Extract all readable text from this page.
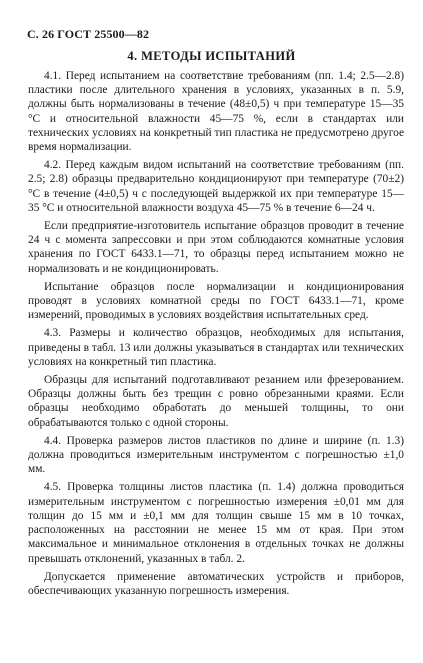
С. 26 ГОСТ 25500—82
4. МЕТОДЫ ИСПЫТАНИЙ

4.1. Перед испытанием на соответствие требованиям (пп. 1.4; 2.5—2.8) пластики после длительного хранения в условиях, указанных в п. 5.9, должны быть нормализованы в течение (48±0,5) ч при температуре 15—35 °С и относительной влажности 45—75 %, если в стандартах или технических условиях на конкретный тип пластика не предусмотрено другое время нормализации.

4.2. Перед каждым видом испытаний на соответствие требованиям (пп. 2.5; 2.8) образцы предварительно кондиционируют при температуре (70±2) °С в течение (4±0,5) ч с последующей выдержкой их при температуре 15—35 °С и относительной влажности воздуха 45—75 % в течение 6—24 ч.

Если предприятие-изготовитель испытание образцов проводит в течение 24 ч с момента запрессовки и при этом соблюдаются комнатные условия хранения по ГОСТ 6433.1—71, то образцы перед испытанием можно не нормализовать и не кондиционировать.

Испытание образцов после нормализации и кондиционирования проводят в условиях комнатной среды по ГОСТ 6433.1—71, кроме измерений, проводимых в условиях воздействия испытательных сред.

4.3. Размеры и количество образцов, необходимых для испытания, приведены в табл. 13 или должны указываться в стандартах или технических условиях на конкретный тип пластика.

Образцы для испытаний подготавливают резанием или фрезерованием. Образцы должны быть без трещин с ровно обрезанными краями. Если образцы необходимо обработать до меньшей толщины, то они обрабатываются только с одной стороны.

4.4. Проверка размеров листов пластиков по длине и ширине (п. 1.3) должна проводиться измерительным инструментом с погрешностью ±1,0 мм.

4.5. Проверка толщины листов пластика (п. 1.4) должна проводиться измерительным инструментом с погрешностью измерения ±0,01 мм для толщин до 15 мм и ±0,1 мм для толщин свыше 15 мм в 10 точках, расположенных на расстоянии не менее 15 мм от края. При этом максимальное и минимальное отклонения в отдельных точках не должны превышать отклонений, указанных в табл. 2.

Допускается применение автоматических устройств и приборов, обеспечивающих указанную погрешность измерения.
